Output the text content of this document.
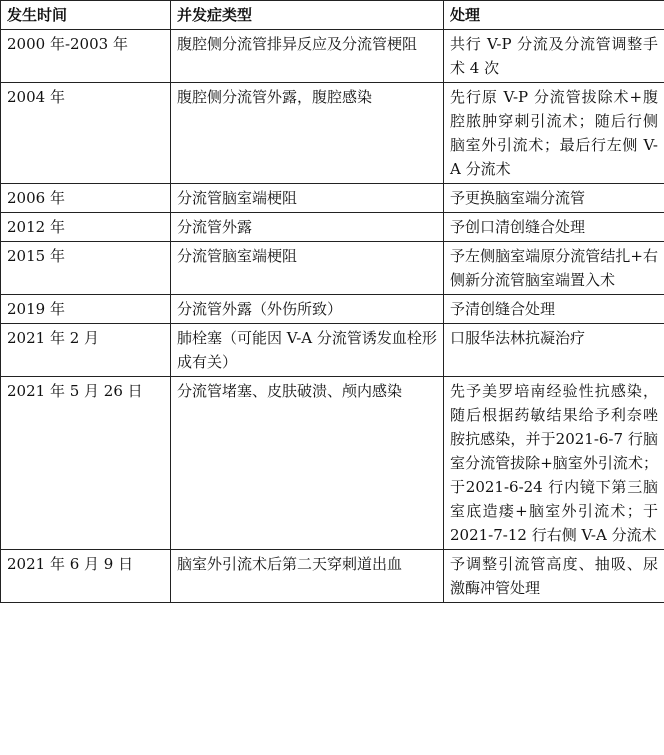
发生时间	并发症类型	处理
2000 年-2003 年	腹腔侧分流管排异反应及分流管梗阻	共行 V-P 分流及分流管调整手术 4 次
2004 年	腹腔侧分流管外露，腹腔感染	先行原 V-P 分流管拔除术+腹腔脓肿穿刺引流术；随后行侧脑室外引流术；最后行左侧 V-A 分流术
2006 年	分流管脑室端梗阻	予更换脑室端分流管
2012 年	分流管外露	予创口清创缝合处理
2015 年	分流管脑室端梗阻	予左侧脑室端原分流管结扎+右侧新分流管脑室端置入术
2019 年	分流管外露（外伤所致）	予清创缝合处理
2021 年 2 月	肺栓塞（可能因 V-A 分流管诱发血栓形成有关）	口服华法林抗凝治疗
2021 年 5 月 26 日	分流管堵塞、皮肤破溃、颅内感染	先予美罗培南经验性抗感染，随后根据药敏结果给予利奈唑胺抗感染，并于2021-6-7 行脑室分流管拔除+脑室外引流术；于2021-6-24 行内镜下第三脑室底造瘘+脑室外引流术；于2021-7-12 行右侧 V-A 分流术
2021 年 6 月 9 日	脑室外引流术后第二天穿刺道出血	予调整引流管高度、抽吸、尿激酶冲管处理
